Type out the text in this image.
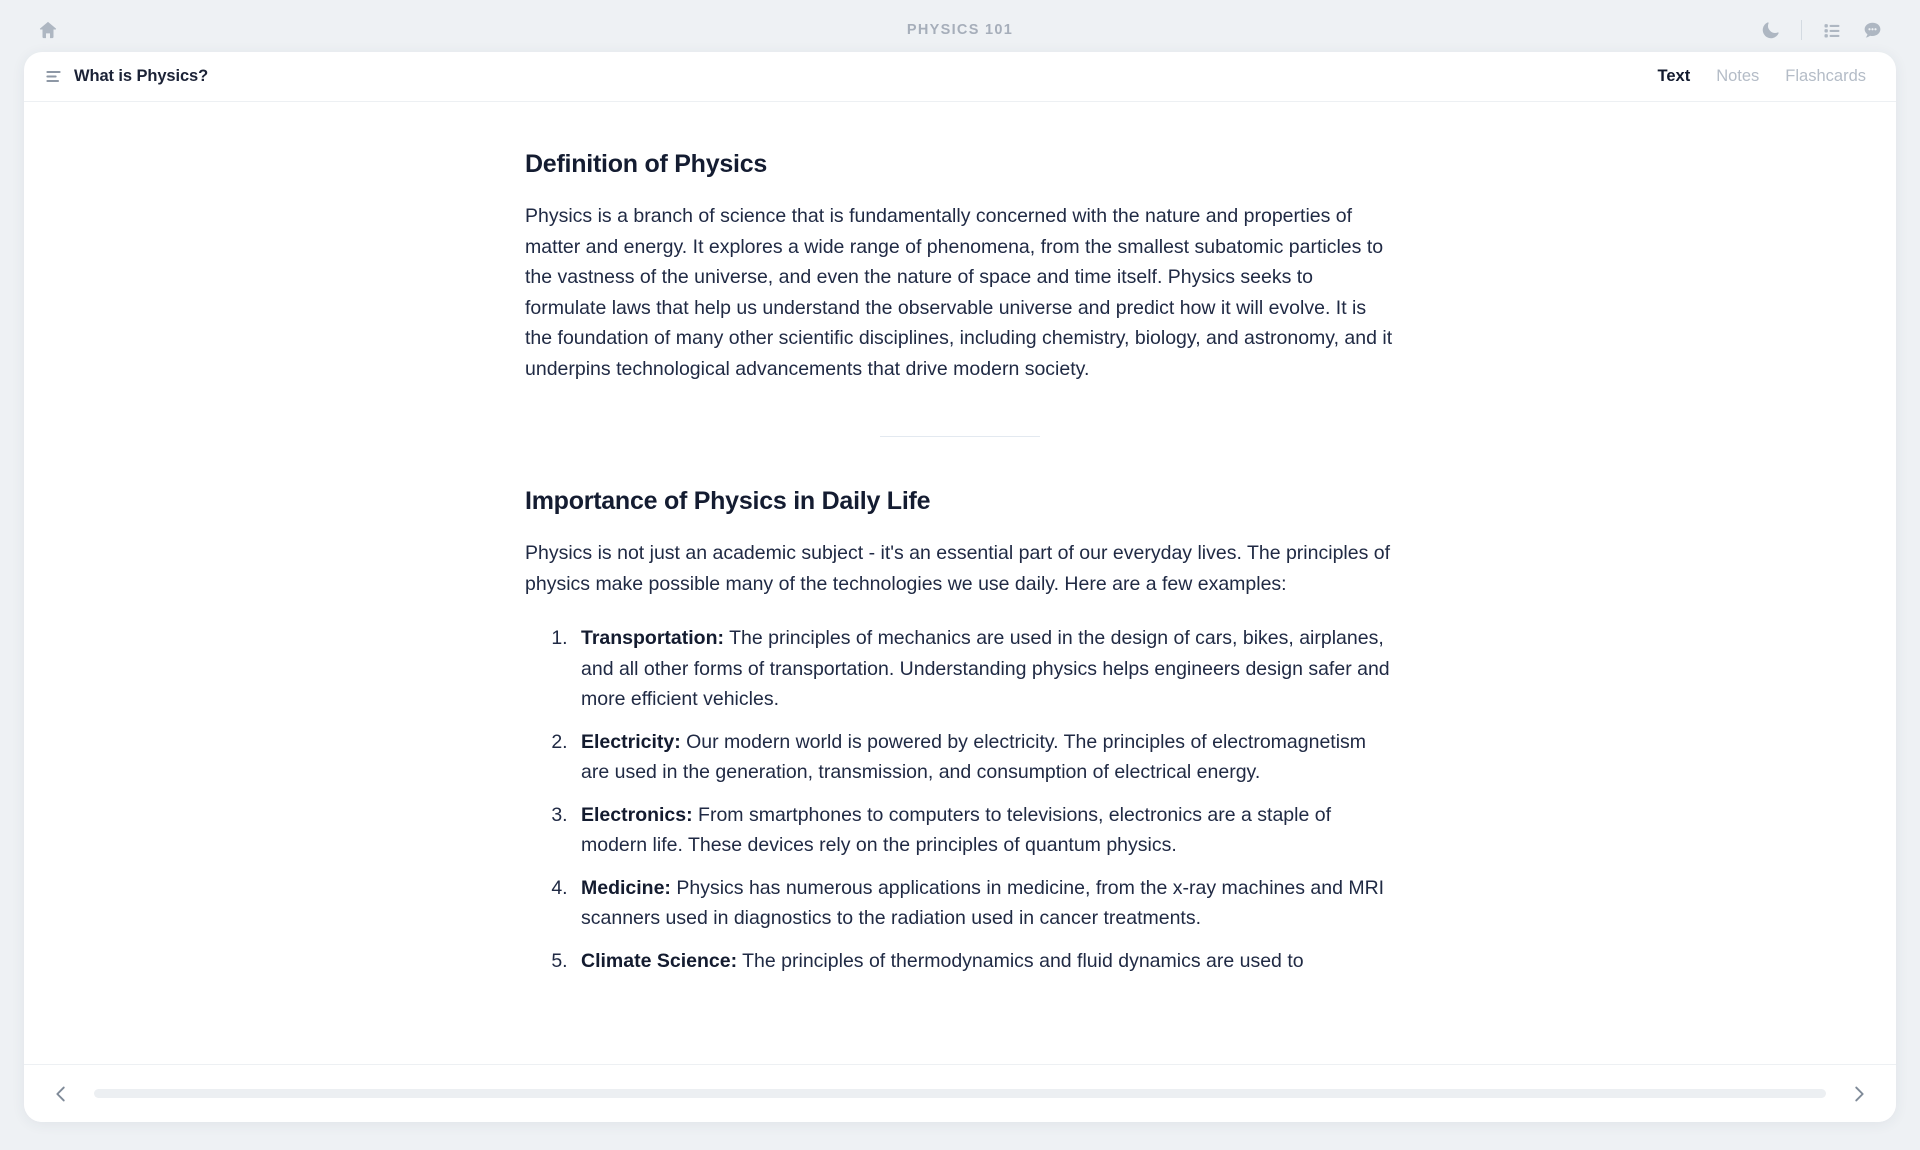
PHYSICS 101
What is Physics?	Text Notes Flashcards
Definition of Physics

Physics is a branch of science that is fundamentally concerned with the nature and properties of matter and energy. It explores a wide range of phenomena, from the smallest subatomic particles to the vastness of the universe, and even the nature of space and time itself. Physics seeks to formulate laws that help us understand the observable universe and predict how it will evolve. It is the foundation of many other scientific disciplines, including chemistry, biology, and astronomy, and it underpins technological advancements that drive modern society.

Importance of Physics in Daily Life

Physics is not just an academic subject - it's an essential part of our everyday lives. The principles of physics make possible many of the technologies we use daily. Here are a few examples:

1. Transportation: The principles of mechanics are used in the design of cars, bikes, airplanes, and all other forms of transportation. Understanding physics helps engineers design safer and more efficient vehicles.
2. Electricity: Our modern world is powered by electricity. The principles of electromagnetism are used in the generation, transmission, and consumption of electrical energy.
3. Electronics: From smartphones to computers to televisions, electronics are a staple of modern life. These devices rely on the principles of quantum physics.
4. Medicine: Physics has numerous applications in medicine, from the x-ray machines and MRI scanners used in diagnostics to the radiation used in cancer treatments.
5. Climate Science: The principles of thermodynamics and fluid dynamics are used to
